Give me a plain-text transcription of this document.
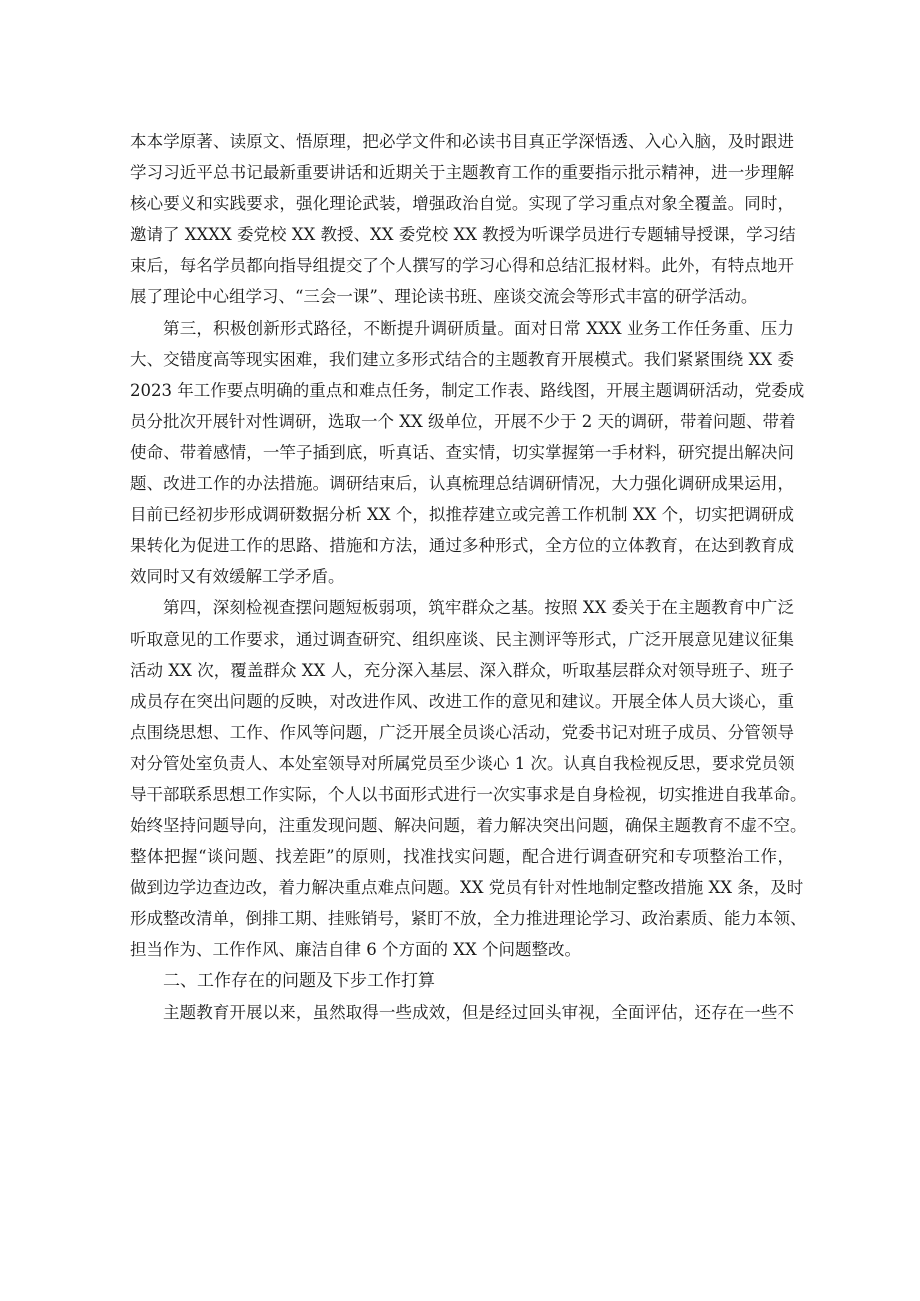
本本学原著、读原文、悟原理，把必学文件和必读书目真正学深悟透、入心入脑，及时跟进
学习习近平总书记最新重要讲话和近期关于主题教育工作的重要指示批示精神，进一步理解
核心要义和实践要求，强化理论武装，增强政治自觉。实现了学习重点对象全覆盖。同时，
邀请了 XXXX 委党校 XX 教授、XX 委党校 XX 教授为听课学员进行专题辅导授课，学习结
束后，每名学员都向指导组提交了个人撰写的学习心得和总结汇报材料。此外，有特点地开
展了理论中心组学习、“三会一课”、理论读书班、座谈交流会等形式丰富的研学活动。
第三，积极创新形式路径，不断提升调研质量。面对日常 XXX 业务工作任务重、压力
大、交错度高等现实困难，我们建立多形式结合的主题教育开展模式。我们紧紧围绕 XX 委
2023 年工作要点明确的重点和难点任务，制定工作表、路线图，开展主题调研活动，党委成
员分批次开展针对性调研，选取一个 XX 级单位，开展不少于 2 天的调研，带着问题、带着
使命、带着感情，一竿子插到底，听真话、查实情，切实掌握第一手材料，研究提出解决问
题、改进工作的办法措施。调研结束后，认真梳理总结调研情况，大力强化调研成果运用，
目前已经初步形成调研数据分析 XX 个，拟推荐建立或完善工作机制 XX 个，切实把调研成
果转化为促进工作的思路、措施和方法，通过多种形式，全方位的立体教育，在达到教育成
效同时又有效缓解工学矛盾。
第四，深刻检视查摆问题短板弱项，筑牢群众之基。按照 XX 委关于在主题教育中广泛
听取意见的工作要求，通过调查研究、组织座谈、民主测评等形式，广泛开展意见建议征集
活动 XX 次，覆盖群众 XX 人，充分深入基层、深入群众，听取基层群众对领导班子、班子
成员存在突出问题的反映，对改进作风、改进工作的意见和建议。开展全体人员大谈心，重
点围绕思想、工作、作风等问题，广泛开展全员谈心活动，党委书记对班子成员、分管领导
对分管处室负责人、本处室领导对所属党员至少谈心 1 次。认真自我检视反思，要求党员领
导干部联系思想工作实际，个人以书面形式进行一次实事求是自身检视，切实推进自我革命。
始终坚持问题导向，注重发现问题、解决问题，着力解决突出问题，确保主题教育不虚不空。
整体把握“谈问题、找差距”的原则，找准找实问题，配合进行调查研究和专项整治工作，
做到边学边查边改，着力解决重点难点问题。XX 党员有针对性地制定整改措施 XX 条，及时
形成整改清单，倒排工期、挂账销号，紧盯不放，全力推进理论学习、政治素质、能力本领、
担当作为、工作作风、廉洁自律 6 个方面的 XX 个问题整改。
二、工作存在的问题及下步工作打算
主题教育开展以来，虽然取得一些成效，但是经过回头审视，全面评估，还存在一些不
